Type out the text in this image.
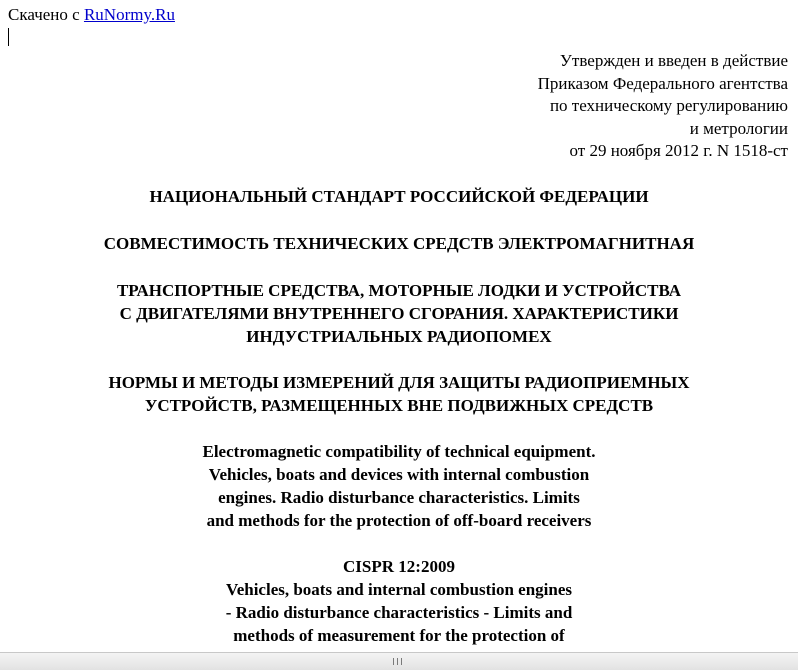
Скачено с RuNormy.Ru
Утвержден и введен в действие
Приказом Федерального агентства
по техническому регулированию
и метрологии
от 29 ноября 2012 г. N 1518-ст
НАЦИОНАЛЬНЫЙ СТАНДАРТ РОССИЙСКОЙ ФЕДЕРАЦИИ
СОВМЕСТИМОСТЬ ТЕХНИЧЕСКИХ СРЕДСТВ ЭЛЕКТРОМАГНИТНАЯ
ТРАНСПОРТНЫЕ СРЕДСТВА, МОТОРНЫЕ ЛОДКИ И УСТРОЙСТВА
С ДВИГАТЕЛЯМИ ВНУТРЕННЕГО СГОРАНИЯ. ХАРАКТЕРИСТИКИ
ИНДУСТРИАЛЬНЫХ РАДИОПОМЕХ
НОРМЫ И МЕТОДЫ ИЗМЕРЕНИЙ ДЛЯ ЗАЩИТЫ РАДИОПРИЕМНЫХ
УСТРОЙСТВ, РАЗМЕЩЕННЫХ ВНЕ ПОДВИЖНЫХ СРЕДСТВ
Electromagnetic compatibility of technical equipment.
Vehicles, boats and devices with internal combustion
engines. Radio disturbance characteristics. Limits
and methods for the protection of off-board receivers
CISPR 12:2009
Vehicles, boats and internal combustion engines
- Radio disturbance characteristics - Limits and
methods of measurement for the protection of
